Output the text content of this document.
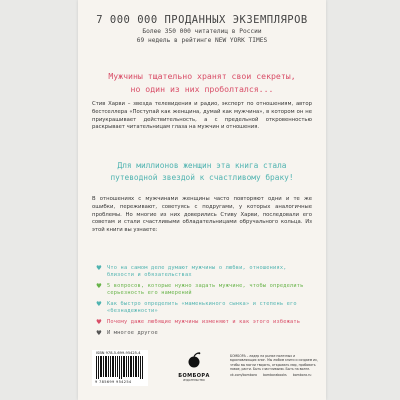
7 000 000 ПРОДАННЫХ ЭКЗЕМПЛЯРОВ
Более 350 000 читателиц в России
69 недель в рейтинге NEW YORK TIMES
Мужчины тщательно хранят свои секреты,
но один из них проболтался...
Стив Харви – звезда телевидения и радио, эксперт по отношениям, автор бестселлера «Поступай как женщина, думай как мужчина», в котором он не приукрашивает действительность, а с предельной откровенностью раскрывает читательницам глаза на мужчин и отношения.
Для миллионов женщин эта книга стала
путеводной звездой к счастливому браку!
В отношениях с мужчинами женщины часто повторяют одни и те же ошибки, переживают, советуясь с подругами, у которых аналогичные проблемы. Но многие из них доверились Стиву Харви, последовали его советам и стали счастливыми обладательницами обручального кольца. Из этой книги вы узнаете:
♥ Что на самом деле думают мужчины о любви, отношениях, близости и обязательствах
♥ 5 вопросов, которые нужно задать мужчине, чтобы определить серьезность его намерений
♥ Как быстро определить «маменькиного сынка» и степень его «безнадежности»
♥ Почему даже любящие мужчины изменяют и как этого избежать
♥ И многое другое
ISBN 978-5-699-95425-4
9 785699 954254
БОМБОРА
ИЗДАТЕЛЬСТВО
БОМБОРА – лидер на рынке полезных и вдохновляющих книг. Мы любим книги и создаем их, чтобы вы могли творить, открывать мир, пробовать новое, расти. Быть счастливыми. Быть на волне.
vk.com/bombora bomborabooks bombora.ru
